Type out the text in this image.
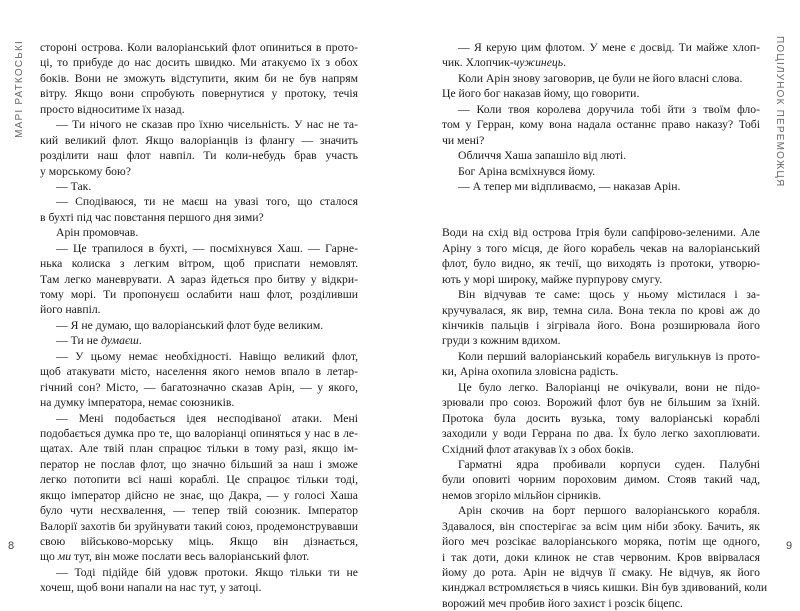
МАРІ РАТКОСЬКІ стороні острова. Коли валоріанський флот опиниться в прото-
ці, то прибуде до нас досить швидко. Ми атакуємо їх з обох
боків. Вони не зможуть відступити, яким би не був напрям
вітру. Якщо вони спробують повернутися у протоку, течія
просто відноситиме їх назад.
— Ти нічого не сказав про їхню чисельність. У нас не та-
кий великий флот. Якщо валоріанців із флангу — значить
розділити наш флот навпіл. Ти коли-небудь брав участь
у морському бою?
— Так.
— Сподіваюся, ти не маєш на увазі того, що сталося
в бухті під час повстання першого дня зими?
Арін промовчав.
— Це трапилося в бухті, — посміхнувся Хаш. — Гарне-
нька колиска з легким вітром, щоб приспати немовлят.
Там легко маневрувати. А зараз йдеться про битву у відкри-
тому морі. Ти пропонуєш ослабити наш флот, розділивши
його навпіл.
— Я не думаю, що валоріанський флот буде великим.
— Ти не думаєш.
— У цьому немає необхідності. Навіщо великий флот,
щоб атакувати місто, населення якого немов впало в летар-
гічний сон? Місто, — багатозначно сказав Арін, — у якого,
на думку імператора, немає союзників.
— Мені подобається ідея несподіваної атаки. Мені
подобається думка про те, що валоріанці опиняться у нас в ле-
щатах. Але твій план спрацює тільки в тому разі, якщо ім-
ператор не послав флот, що значно більший за наш і зможе
легко потопити всі наші кораблі. Це спрацює тільки тоді,
якщо імператор дійсно не знає, що Дакра, — у голосі Хаша
було чути несхвалення, — тепер твій союзник. Імператор
Валорії захотів би зруйнувати такий союз, продемонструвавши
свою військово-морську міць. Якщо він дізнається,
що ми тут, він може послати весь валоріанський флот.
— Тоді підійде бій удовж протоки. Якщо тільки ти не
хочеш, щоб вони напали на нас тут, у затоці.
8
ПОЦІЛУНОК ПЕРЕМОЖЦЯ
— Я керую цим флотом. У мене є досвід. Ти майже хлоп-
чик. Хлопчик-чужинець.
Коли Арін знову заговорив, це були не його власні слова.
Це його бог наказав йому, що говорити.
— Коли твоя королева доручила тобі йти з твоїм фло-
том у Герран, кому вона надала останнє право наказу? Тобі
чи мені?
Обличчя Хаша запашіло від люті.
Бог Аріна всміхнувся йому.
— А тепер ми відпливаємо, — наказав Арін.
Води на схід від острова Ітрія були сапфірово-зеленими. Але
Аріну з того місця, де його корабель чекав на валоріанський
флот, було видно, як течії, що виходять із протоки, утворю-
ють у морі широку, майже пурпурову смугу.
Він відчував те саме: щось у ньому містилася і за-
кручувалася, як вир, темна сила. Вона текла по крові аж до
кінчиків пальців і зігрівала його. Вона розширювала його
груди з кожним вдихом.
Коли перший валоріанський корабель вигулькнув із прото-
ки, Аріна охопила зловісна радість.
Це було легко. Валоріанці не очікували, вони не підо-
зрювали про союз. Ворожий флот був не більшим за їхній.
Протока була досить вузька, тому валоріанські кораблі
заходили у води Геррана по два. Їх було легко захоплювати.
Східний флот атакував їх з обох боків.
Гарматні ядра пробивали корпуси суден. Палубні
були оповиті чорним пороховим димом. Стояв такий чад,
немов згоріло мільйон сірників.
Арін скочив на борт першого валоріанського корабля.
Здавалося, він спостерігає за всім цим ніби збоку. Бачить, як
його меч розсікає валоріанського моряка, потім ще одного,
і так доти, доки клинок не став червоним. Кров ввірвалася
йому до рота. Арін не відчув її смаку. Не відчув, як його
кинджал встромляється в чиясь кишки. Він був здивований, коли
ворожий меч пробив його захист і розсік біцепс.
9
